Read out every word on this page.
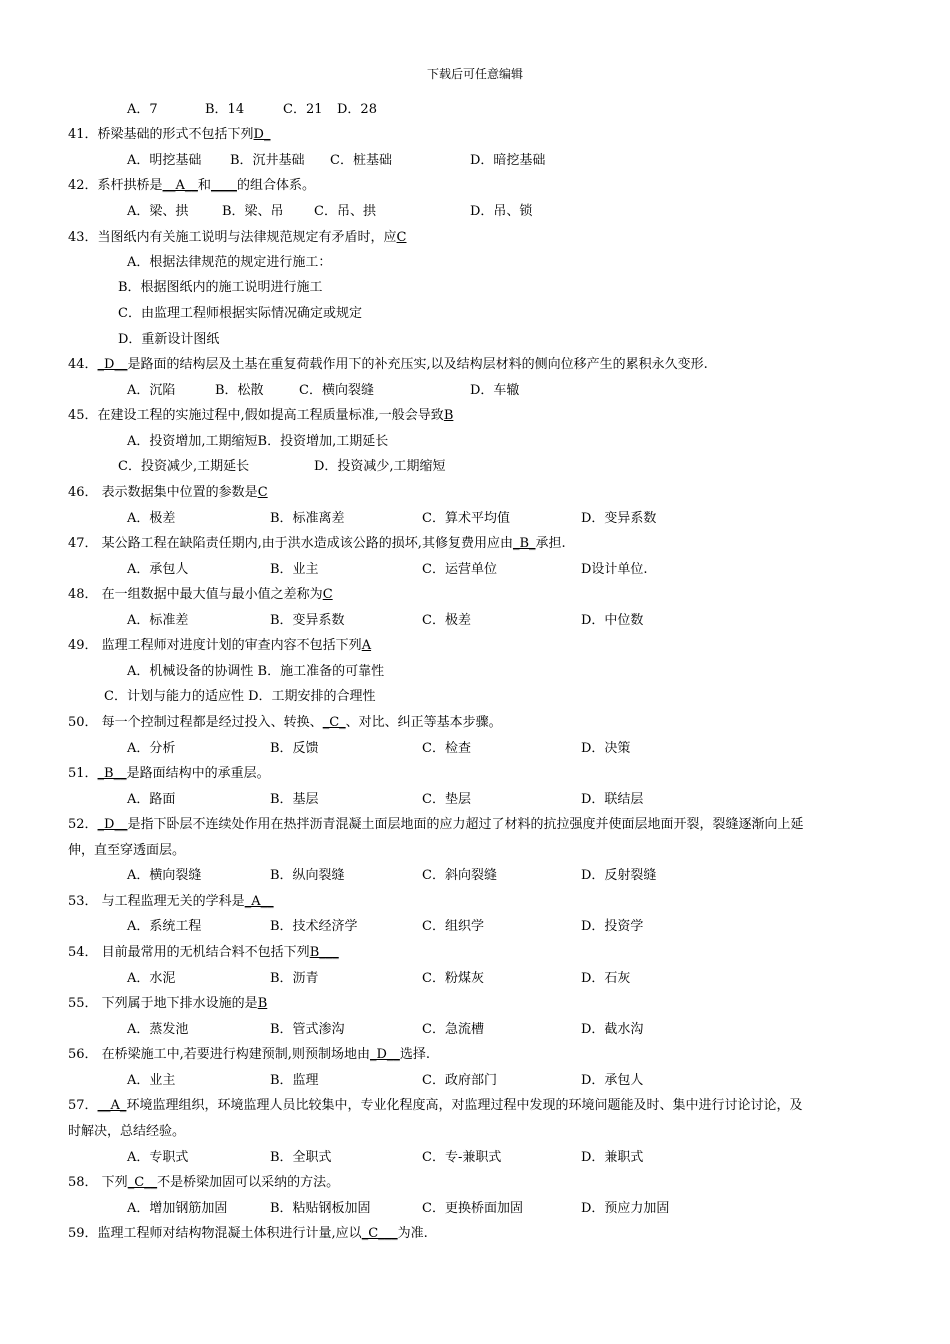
下载后可任意编辑
A．7	B．14	C．21 D．28
41．桥梁基础的形式不包括下列D_
A．明挖基础 B．沉井基础 C．桩基础	D．暗挖基础
42．系杆拱桥是__A__和____的组合体系。
A．梁、拱	B．梁、吊 C．吊、拱	D．吊、锁
43．当图纸内有关施工说明与法律规范规定有矛盾时，应C
A．根据法律规范的规定进行施工：
B．根据图纸内的施工说明进行施工
C．由监理工程师根据实际情况确定或规定
D．重新设计图纸
44．_D__是路面的结构层及土基在重复荷载作用下的补充压实,以及结构层材料的侧向位移产生的累积永久变形.
A．沉陷	B．松散	C．横向裂缝	D．车辙
45．在建设工程的实施过程中,假如提高工程质量标准,一般会导致B
A．投资增加,工期缩短B．投资增加,工期延长
C．投资减少,工期延长	D．投资减少,工期缩短
46． 表示数据集中位置的参数是C
A．极差	B．标准离差	C．算术平均值	D．变异系数
47． 某公路工程在缺陷责任期内,由于洪水造成该公路的损坏,其修复费用应由_B_承担.
A．承包人	B．业主	C．运营单位	D设计单位.
48． 在一组数据中最大值与最小值之差称为C
A．标准差	B．变异系数	C．极差	D．中位数
49． 监理工程师对进度计划的审查内容不包括下列A
A．机械设备的协调性 B．施工准备的可靠性
C．计划与能力的适应性 D．工期安排的合理性
50． 每一个控制过程都是经过投入、转换、_C_、对比、纠正等基本步骤。
A．分析	B．反馈	C．检查	D．决策
51．_B__是路面结构中的承重层。
A．路面	B．基层	C．垫层	D．联结层
52．_D__是指下卧层不连续处作用在热拌沥青混凝土面层地面的应力超过了材料的抗拉强度并使面层地面开裂，裂缝逐渐向上延
伸，直至穿透面层。
A．横向裂缝	B．纵向裂缝	C．斜向裂缝	D．反射裂缝
53． 与工程监理无关的学科是_A__
A．系统工程	B．技术经济学	C．组织学	D．投资学
54． 目前最常用的无机结合料不包括下列B___
A．水泥	B．沥青	C．粉煤灰	D．石灰
55． 下列属于地下排水设施的是B
A．蒸发池	B．管式渗沟	C．急流槽	D．截水沟
56． 在桥梁施工中,若要进行构建预制,则预制场地由_D__选择.
A．业主	B．监理	C．政府部门	D．承包人
57．__A_环境监理组织，环境监理人员比较集中，专业化程度高，对监理过程中发现的环境问题能及时、集中进行讨论讨论，及
时解决，总结经验。
A．专职式	B．全职式	C．专-兼职式	D．兼职式
58． 下列_C__不是桥梁加固可以采纳的方法。
A．增加钢筋加固	B．粘贴钢板加固	C．更换桥面加固	D．预应力加固
59．监理工程师对结构物混凝土体积进行计量,应以_C___为准.
